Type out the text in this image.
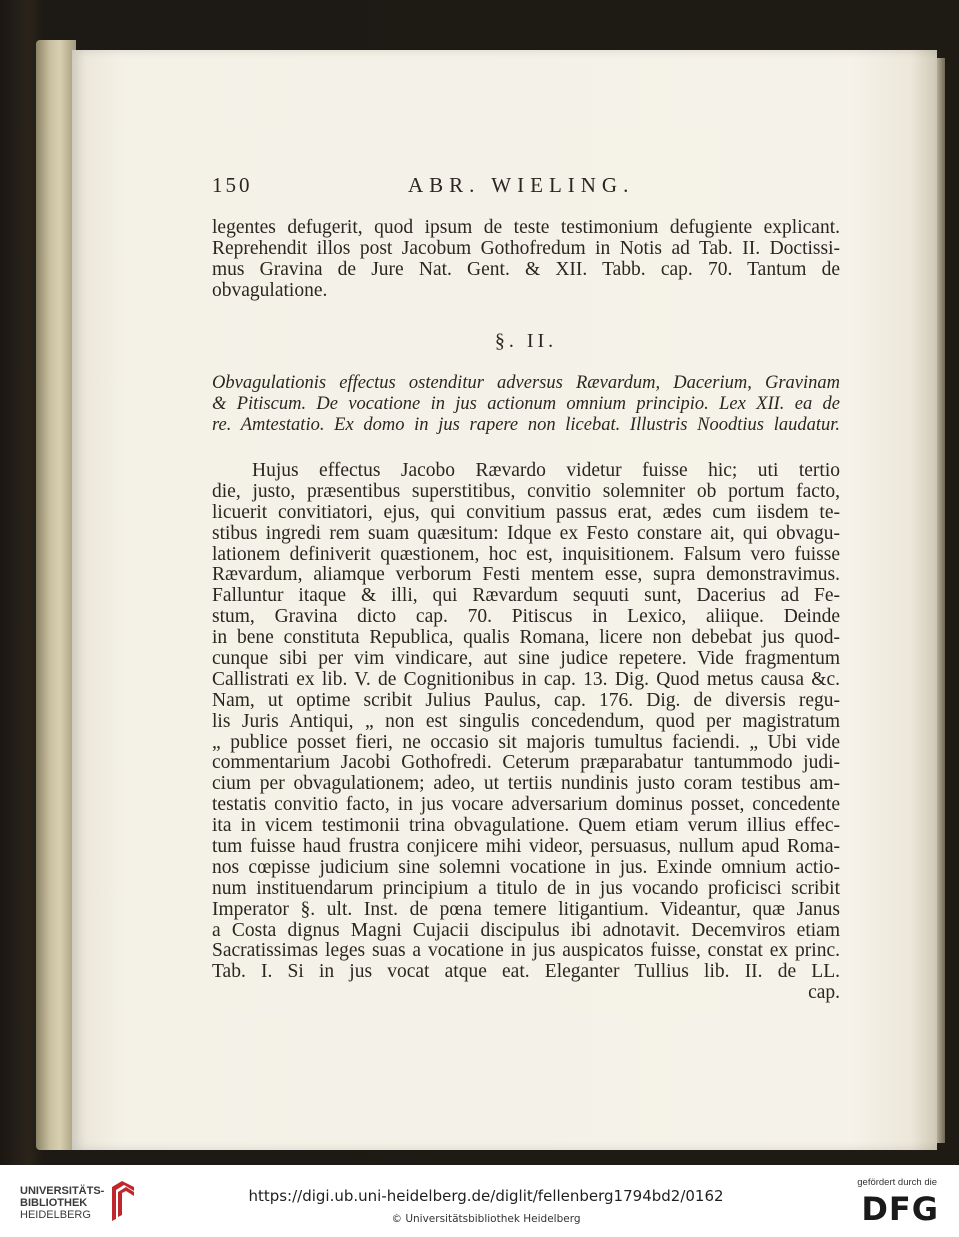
150	ABR. WIELING.
legentes defugerit, quod ipsum de teste testimonium defugiente explicant.
Reprehendit illos post Jacobum Gothofredum in Notis ad Tab. II. Doctissi-
mus Gravina de Jure Nat. Gent. & XII. Tabb. cap. 70. Tantum de
obvagulatione.
§. II.
Obvagulationis effectus ostenditur adversus Rævardum, Dacerium, Gravinam
& Pitiscum. De vocatione in jus actionum omnium principio. Lex XII. ea de
re. Amtestatio. Ex domo in jus rapere non licebat. Illustris Noodtius laudatur.
Hujus effectus Jacobo Rævardo videtur fuisse hic; uti tertio
die, justo, præsentibus superstitibus, convitio solemniter ob portum facto,
licuerit convitiatori, ejus, qui convitium passus erat, ædes cum iisdem te-
stibus ingredi rem suam quæsitum: Idque ex Festo constare ait, qui obvagu-
lationem definiverit quæstionem, hoc est, inquisitionem. Falsum vero fuisse
Rævardum, aliamque verborum Festi mentem esse, supra demonstravimus.
Falluntur itaque & illi, qui Rævardum sequuti sunt, Dacerius ad Fe-
stum, Gravina dicto cap. 70. Pitiscus in Lexico, aliique. Deinde
in bene constituta Republica, qualis Romana, licere non debebat jus quod-
cunque sibi per vim vindicare, aut sine judice repetere. Vide fragmentum
Callistrati ex lib. V. de Cognitionibus in cap. 13. Dig. Quod metus causa &c.
Nam, ut optime scribit Julius Paulus, cap. 176. Dig. de diversis regu-
lis Juris Antiqui, „ non est singulis concedendum, quod per magistratum
„ publice posset fieri, ne occasio sit majoris tumultus faciendi. „ Ubi vide
commentarium Jacobi Gothofredi. Ceterum præparabatur tantummodo judi-
cium per obvagulationem; adeo, ut tertiis nundinis justo coram testibus am-
testatis convitio facto, in jus vocare adversarium dominus posset, concedente
ita in vicem testimonii trina obvagulatione. Quem etiam verum illius effec-
tum fuisse haud frustra conjicere mihi videor, persuasus, nullum apud Roma-
nos cœpisse judicium sine solemni vocatione in jus. Exinde omnium actio-
num instituendarum principium a titulo de in jus vocando proficisci scribit
Imperator §. ult. Inst. de pœna temere litigantium. Videantur, quæ Janus
a Costa dignus Magni Cujacii discipulus ibi adnotavit. Decemviros etiam
Sacratissimas leges suas a vocatione in jus auspicatos fuisse, constat ex princ.
Tab. I. Si in jus vocat atque eat. Eleganter Tullius lib. II. de LL.
cap.
UNIVERSITÄTS-
BIBLIOTHEK
HEIDELBERG
https://digi.ub.uni-heidelberg.de/diglit/fellenberg1794bd2/0162
© Universitätsbibliothek Heidelberg
gefördert durch die
DFG
